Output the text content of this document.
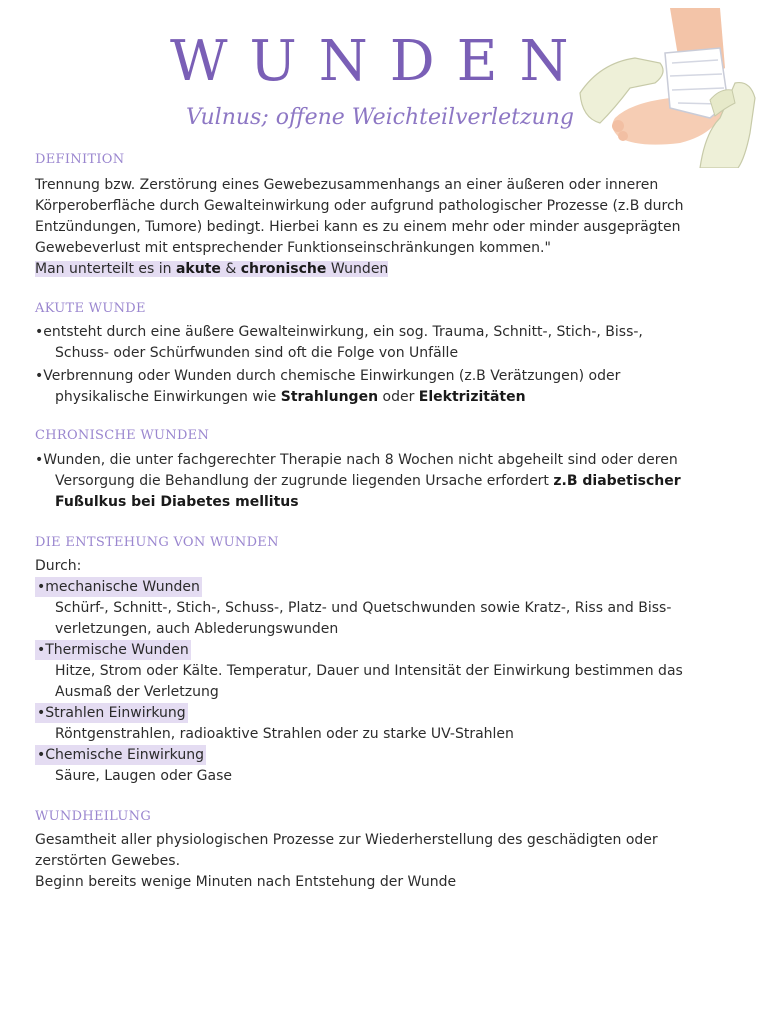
WUNDEN

Vulnus; offene Weichteilverletzung

DEFINITION
Trennung bzw. Zerstörung eines Gewebezusammenhangs an einer äußeren oder inneren Körperoberfläche durch Gewalteinwirkung oder aufgrund pathologischer Prozesse (z.B durch Entzündungen, Tumore) bedingt. Hierbei kann es zu einem mehr oder minder ausgeprägten Gewebeverlust mit entsprechender Funktionseinschränkungen kommen."
Man unterteilt es in akute & chronische Wunden
AKUTE WUNDE
•entsteht durch eine äußere Gewalteinwirkung, ein sog. Trauma, Schnitt-, Stich-, Biss-,
Schuss- oder Schürfwunden sind oft die Folge von Unfälle
•Verbrennung oder Wunden durch chemische Einwirkungen (z.B Verätzungen) oder
physikalische Einwirkungen wie Strahlungen oder Elektrizitäten
CHRONISCHE WUNDEN
•Wunden, die unter fachgerechter Therapie nach 8 Wochen nicht abgeheilt sind oder deren
Versorgung die Behandlung der zugrunde liegenden Ursache erfordert z.B diabetischer
Fußulkus bei Diabetes mellitus
DIE ENTSTEHUNG VON WUNDEN
Durch:
•mechanische Wunden
Schürf-, Schnitt-, Stich-, Schuss-, Platz- und Quetschwunden sowie Kratz-, Riss and Biss-verletzungen, auch Ablederungswunden
•Thermische Wunden
Hitze, Strom oder Kälte. Temperatur, Dauer und Intensität der Einwirkung bestimmen das Ausmaß der Verletzung
•Strahlen Einwirkung
Röntgenstrahlen, radioaktive Strahlen oder zu starke UV-Strahlen
•Chemische Einwirkung
Säure, Laugen oder Gase
WUNDHEILUNG
Gesamtheit aller physiologischen Prozesse zur Wiederherstellung des geschädigten oder zerstörten Gewebes.
Beginn bereits wenige Minuten nach Entstehung der Wunde
